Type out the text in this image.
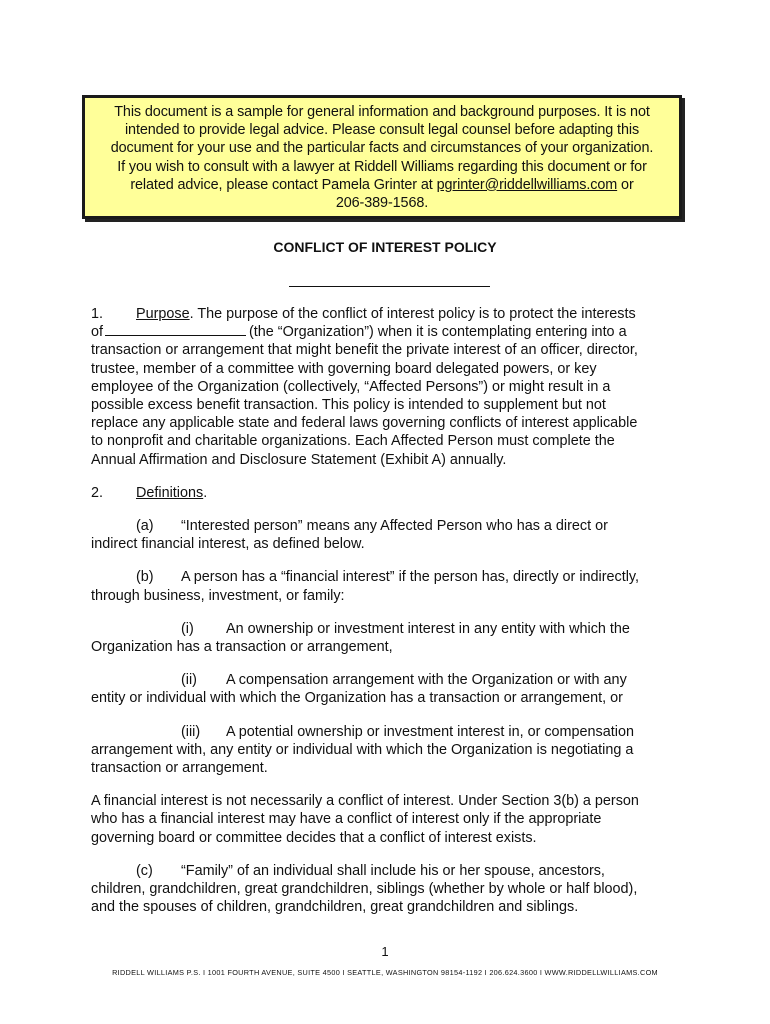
This document is a sample for general information and background purposes. It is not
intended to provide legal advice. Please consult legal counsel before adapting this
document for your use and the particular facts and circumstances of your organization.
If you wish to consult with a lawyer at Riddell Williams regarding this document or for
related advice, please contact Pamela Grinter at pgrinter@riddellwilliams.com or
206-389-1568.
CONFLICT OF INTEREST POLICY
1. Purpose. The purpose of the conflict of interest policy is to protect the interests
of	(the “Organization”) when it is contemplating entering into a
transaction or arrangement that might benefit the private interest of an officer, director,
trustee, member of a committee with governing board delegated powers, or key
employee of the Organization (collectively, “Affected Persons”) or might result in a
possible excess benefit transaction. This policy is intended to supplement but not
replace any applicable state and federal laws governing conflicts of interest applicable
to nonprofit and charitable organizations. Each Affected Person must complete the
Annual Affirmation and Disclosure Statement (Exhibit A) annually.
2. Definitions.
(a) “Interested person” means any Affected Person who has a direct or
indirect financial interest, as defined below.
(b) A person has a “financial interest” if the person has, directly or indirectly,
through business, investment, or family:
(i) An ownership or investment interest in any entity with which the
Organization has a transaction or arrangement,
(ii) A compensation arrangement with the Organization or with any
entity or individual with which the Organization has a transaction or arrangement, or
(iii) A potential ownership or investment interest in, or compensation
arrangement with, any entity or individual with which the Organization is negotiating a
transaction or arrangement.
A financial interest is not necessarily a conflict of interest. Under Section 3(b) a person
who has a financial interest may have a conflict of interest only if the appropriate
governing board or committee decides that a conflict of interest exists.
(c) “Family” of an individual shall include his or her spouse, ancestors,
children, grandchildren, great grandchildren, siblings (whether by whole or half blood),
and the spouses of children, grandchildren, great grandchildren and siblings.
1
RIDDELL WILLIAMS P.S. I 1001 FOURTH AVENUE, SUITE 4500 I SEATTLE, WASHINGTON 98154-1192 I 206.624.3600 I WWW.RIDDELLWILLIAMS.COM
